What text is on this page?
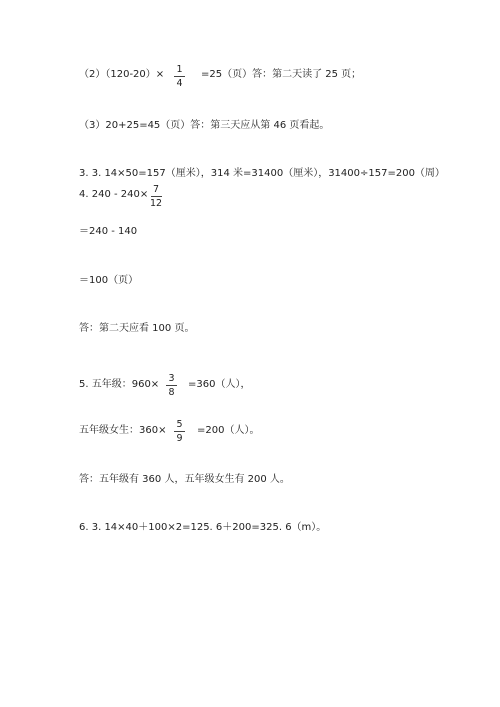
（2）（120-20）× 1
4
=25（页）答：第二天读了 25 页；
（3）20+25=45（页）答：第三天应从第 46 页看起。
3. 3. 14×50=157（厘米），314 米=31400（厘米），31400÷157=200（周）
4. 240 - 240× 7
12
＝240 - 140
＝100（页）
答：第二天应看 100 页。
5. 五年级：960×
3
8
=360（人），
五年级女生：360×
5
9
=200（人）。
答：五年级有 360 人，五年级女生有 200 人。
6. 3. 14×40＋100×2=125. 6＋200=325. 6（m）。
